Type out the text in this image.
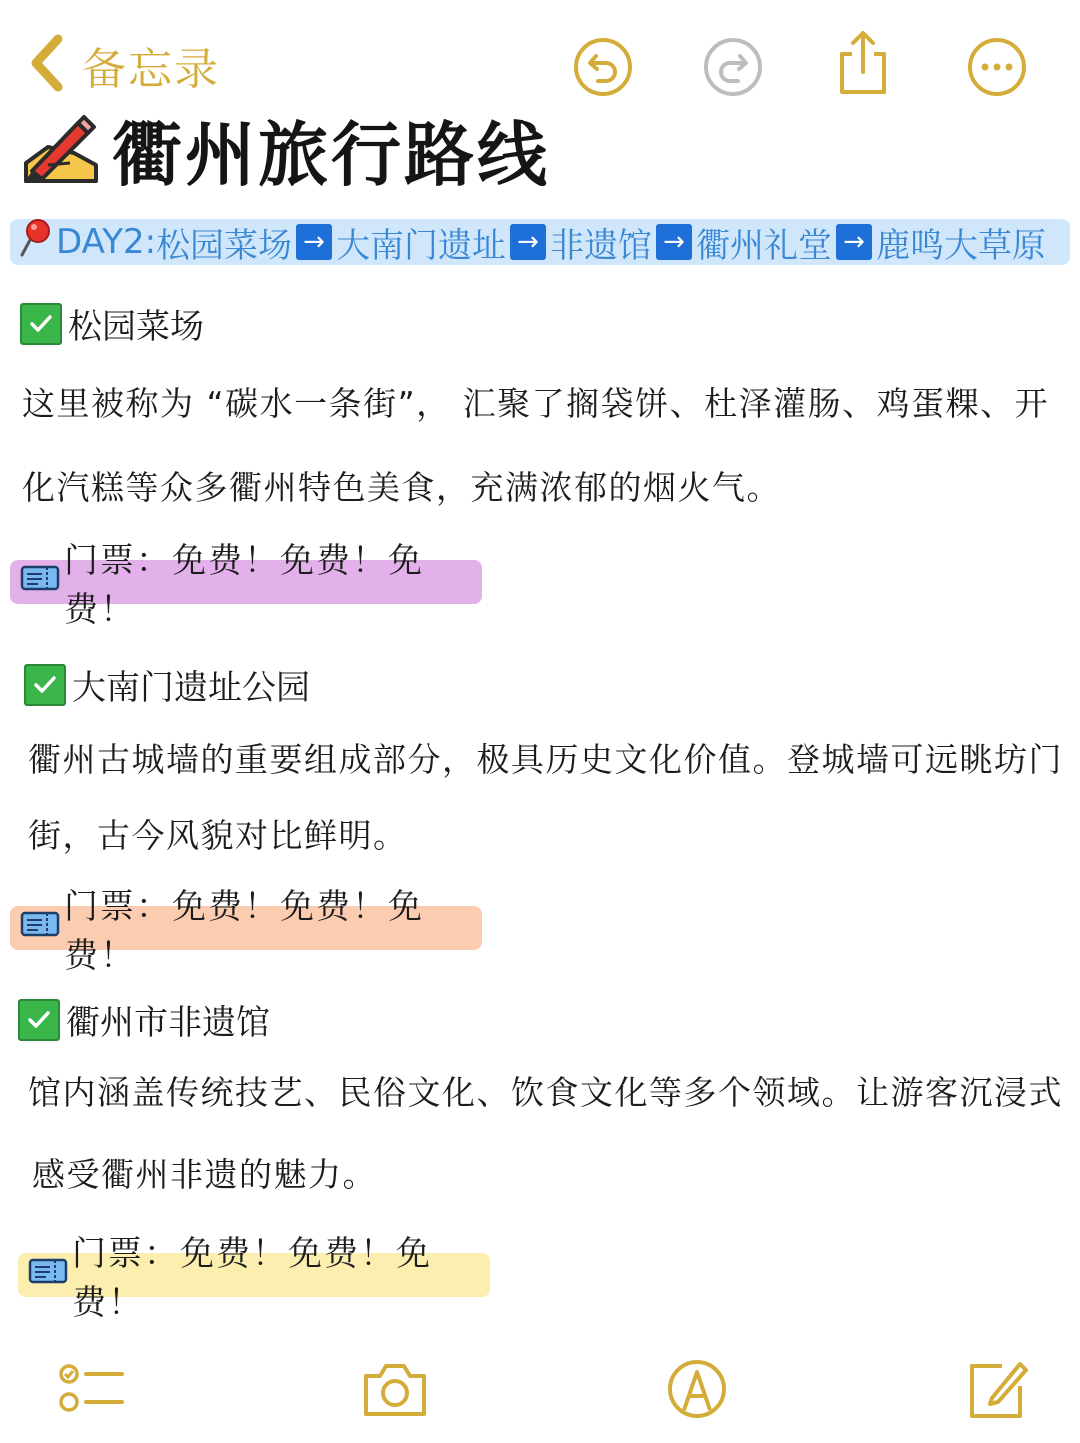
备忘录
衢州旅行路线
DAY2: 松园菜场 → 大南门遗址 → 非遗馆 → 衢州礼堂 → 鹿鸣大草原
松园菜场
这里被称为 “碳水一条街”， 汇聚了搁袋饼、杜泽灌肠、鸡蛋粿、开
化汽糕等众多衢州特色美食，充满浓郁的烟火气。
门票：免费！免费！免费！
大南门遗址公园
衢州古城墙的重要组成部分，极具历史文化价值。登城墙可远眺坊门
街，古今风貌对比鲜明。
门票：免费！免费！免费！
衢州市非遗馆
馆内涵盖传统技艺、民俗文化、饮食文化等多个领域。让游客沉浸式
感受衢州非遗的魅力。
门票：免费！免费！免费！
